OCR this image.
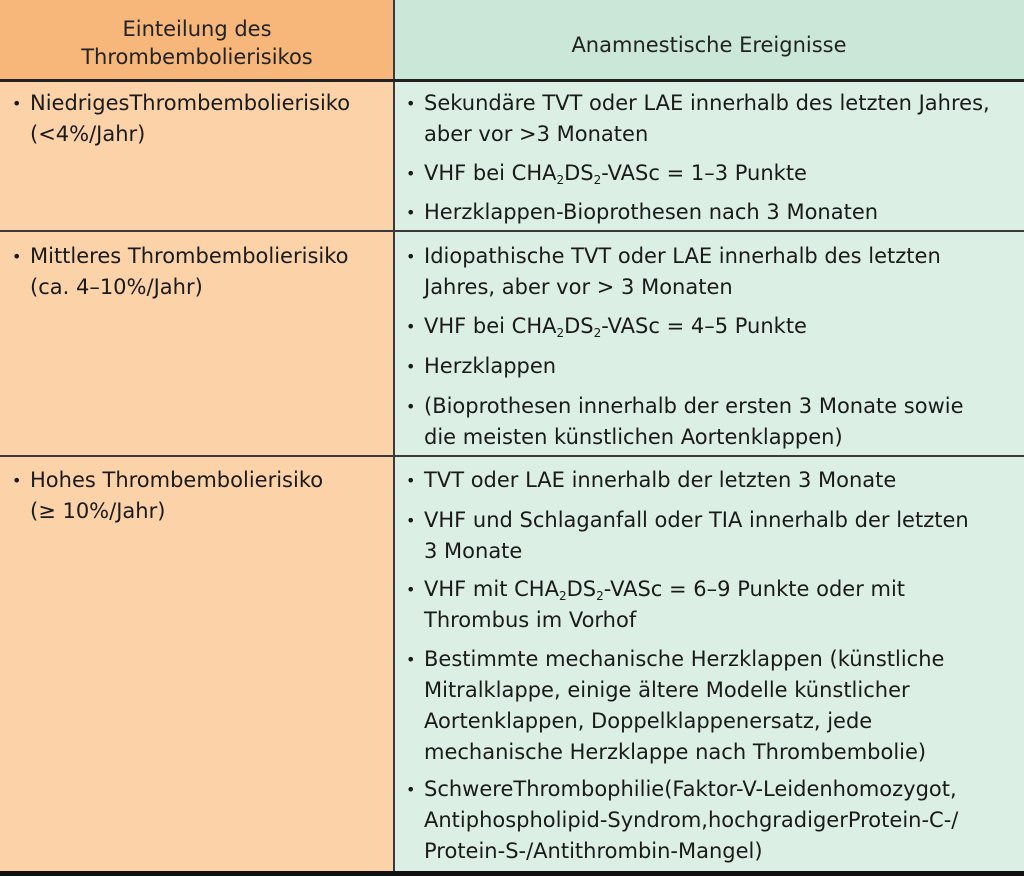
Einteilung des
Thrombembolierisikos	Anamnestische Ereignisse
• NiedrigesThrombembolierisiko
(<4%/Jahr)
• Sekundäre TVT oder LAE innerhalb des letzten Jahres,
aber vor >3 Monaten
• VHF bei $CHA_2DS_2$-VASc = 1–3 Punkte
• Herzklappen-Bioprothesen nach 3 Monaten
• Mittleres Thrombembolierisiko
(ca. 4–10%/Jahr)
• Idiopathische TVT oder LAE innerhalb des letzten
Jahres, aber vor > 3 Monaten
• VHF bei $CHA_2DS_2$-VASc = 4–5 Punkte
• Herzklappen
• (Bioprothesen innerhalb der ersten 3 Monate sowie
die meisten künstlichen Aortenklappen)
• Hohes Thrombembolierisiko
(≥ 10%/Jahr)
• TVT oder LAE innerhalb der letzten 3 Monate
• VHF und Schlaganfall oder TIA innerhalb der letzten
3 Monate
• VHF mit $CHA_2DS_2$-VASc = 6–9 Punkte oder mit
Thrombus im Vorhof
• Bestimmte mechanische Herzklappen (künstliche
Mitralklappe, einige ältere Modelle künstlicher
Aortenklappen, Doppelklappenersatz, jede
mechanische Herzklappe nach Thrombembolie)
• SchwereThrombophilie(Faktor-V-Leidenhomozygot,
Antiphospholipid-Syndrom,hochgradigerProtein-C-/
Protein-S-/Antithrombin-Mangel)
